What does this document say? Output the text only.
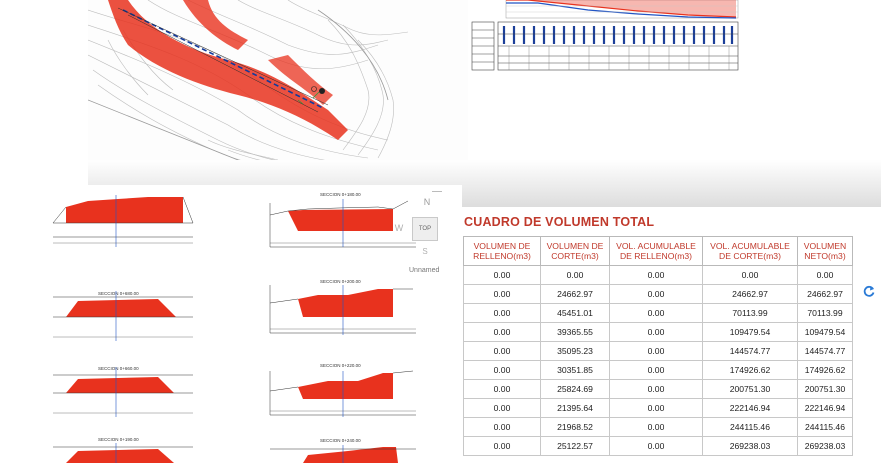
SECCION 0+680.00
SECCION 0+660.00
SECCION 0+190.00
SECCION 0+180.00
SECCION 0+200.00
SECCION 0+220.00
SECCION 0+240.00
N
W	TOP
S
Unnamed
CUADRO DE VOLUMEN TOTAL
VOLUMEN DE RELLENO(m3)	VOLUMEN DE CORTE(m3)	VOL. ACUMULABLE DE RELLENO(m3)	VOL. ACUMULABLE DE CORTE(m3)	VOLUMEN NETO(m3)
0.00	0.00	0.00	0.00	0.00
0.00	24662.97	0.00	24662.97	24662.97
0.00	45451.01	0.00	70113.99	70113.99
0.00	39365.55	0.00	109479.54	109479.54
0.00	35095.23	0.00	144574.77	144574.77
0.00	30351.85	0.00	174926.62	174926.62
0.00	25824.69	0.00	200751.30	200751.30
0.00	21395.64	0.00	222146.94	222146.94
0.00	21968.52	0.00	244115.46	244115.46
0.00	25122.57	0.00	269238.03	269238.03
